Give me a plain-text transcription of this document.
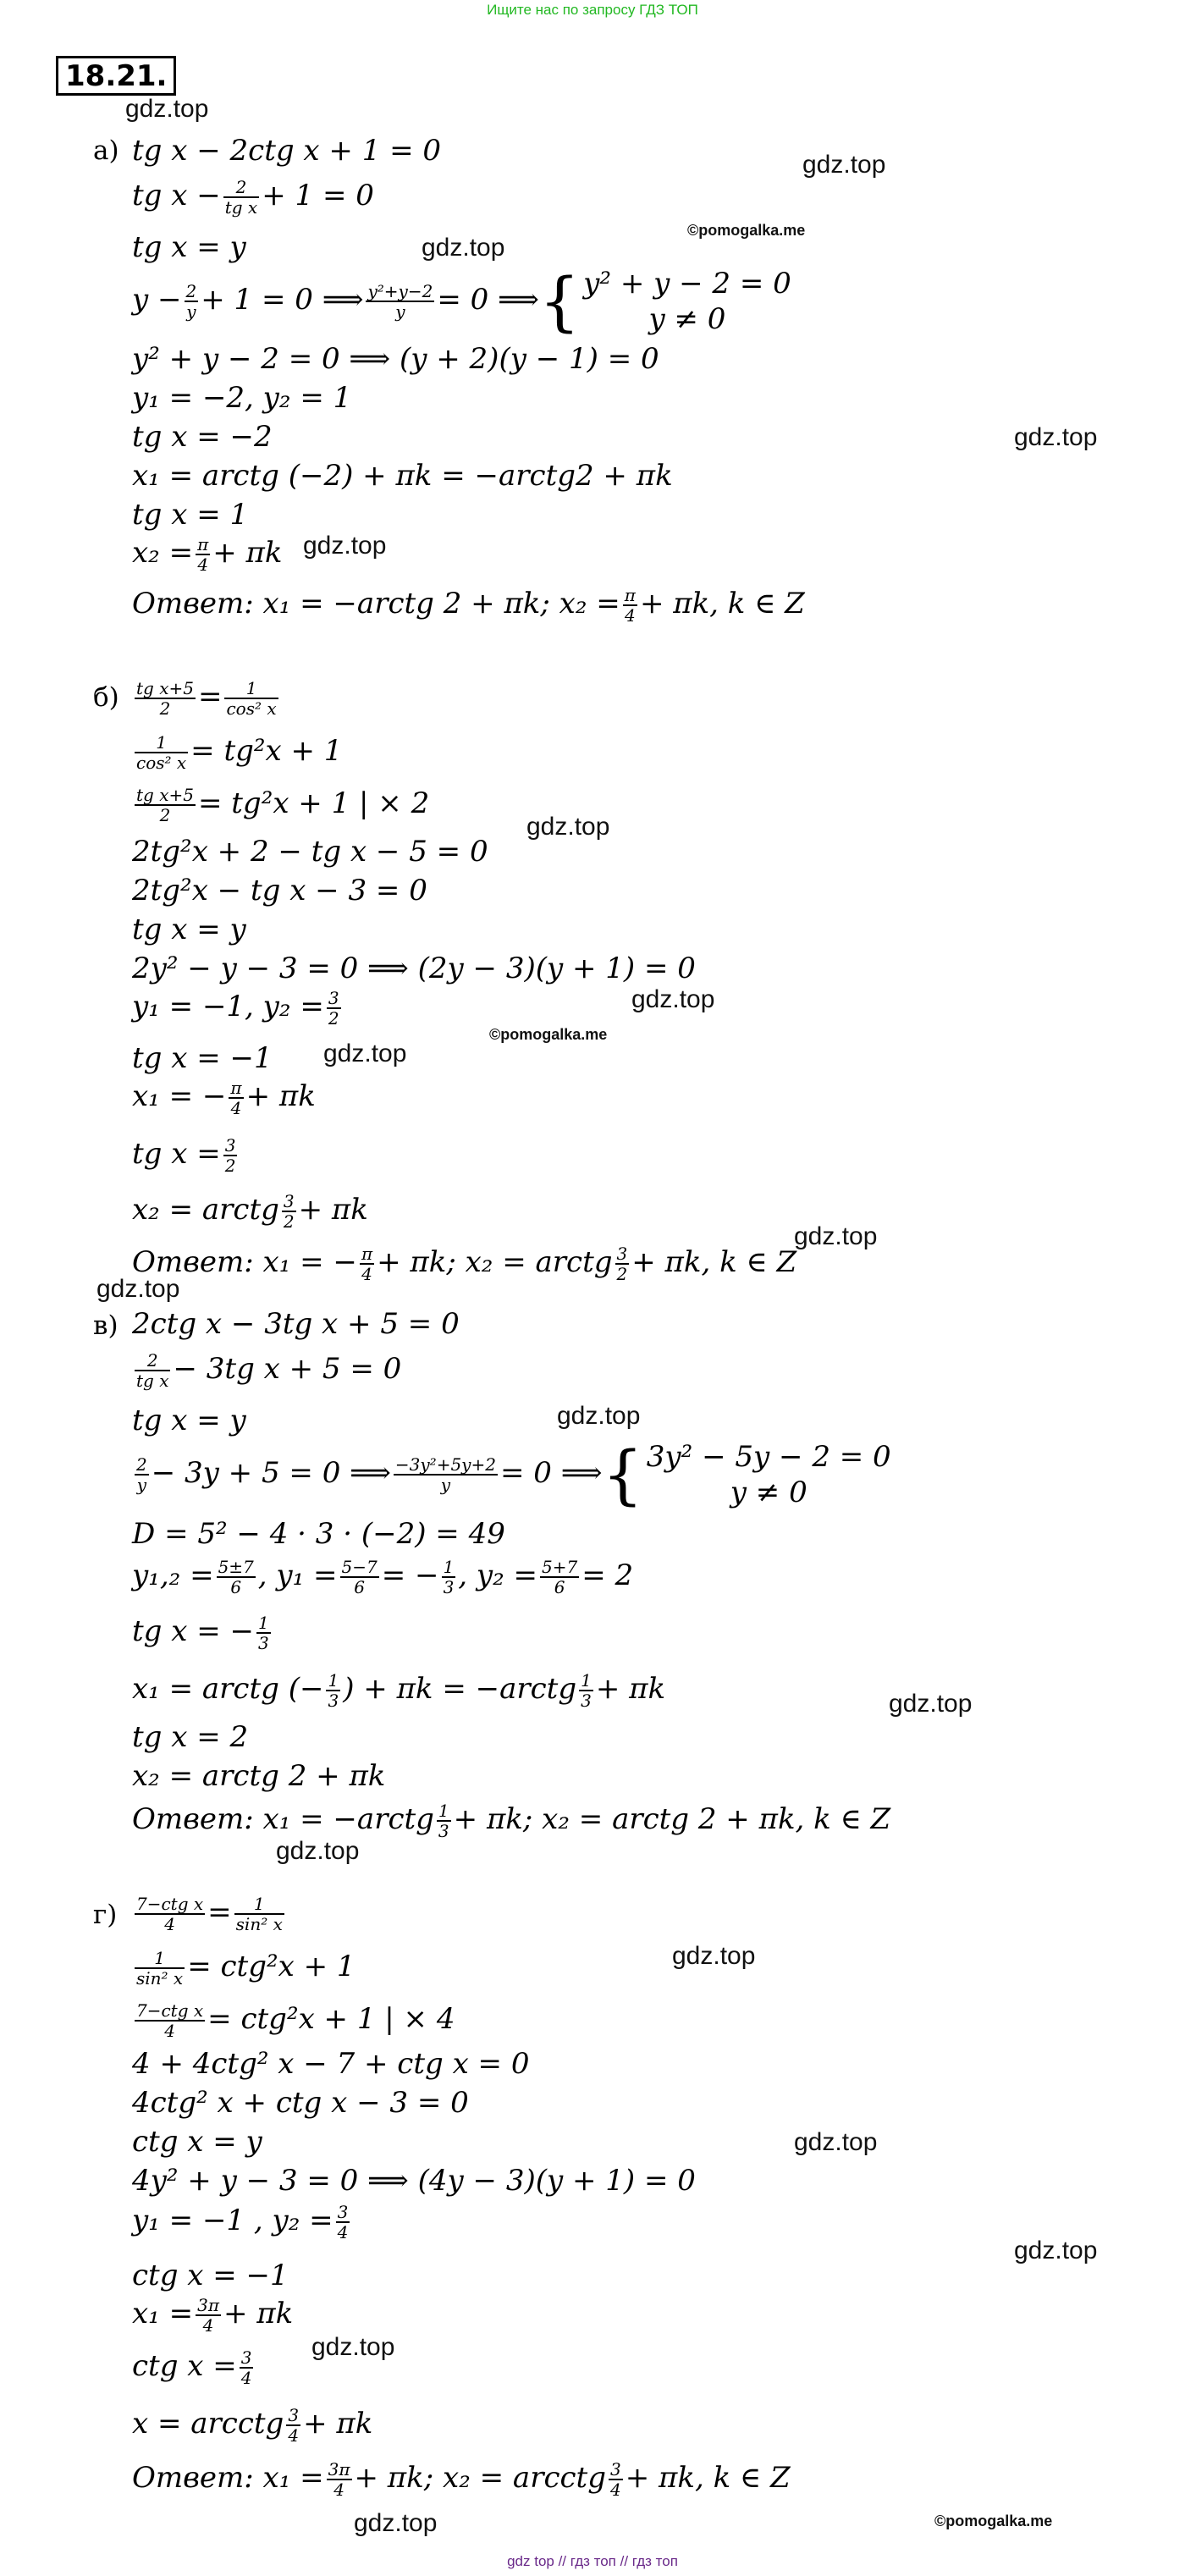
Ищите нас по запросу ГДЗ ТОП
18.21.
gdz.top
gdz.top
gdz.top
gdz.top
gdz.top
gdz.top
gdz.top
gdz.top
gdz.top
gdz.top
gdz.top
gdz.top
gdz.top
gdz.top
gdz.top
gdz.top
gdz.top
gdz.top
©pomogalka.me
©pomogalka.me
©pomogalka.me
а)
б)
в)
г)
tg x − 2ctg x + 1 = 0
tg $x - \frac{2}{\text{tg x}} + 1 = 0$
tg x = y
$y - \frac{2}{y} + 1 = 0$ ⟹ $\frac{\text{y²+y−2}}{y} = 0$ ⟹{ y² + y − 2 = 0
y ≠ 0
y² + y − 2 = 0 ⟹ (y + 2)(y − 1) = 0
y₁ = −2, y₂ = 1
tg x = −2
x₁ = arctg (−2) + πk = −arctg2 + πk
tg x = 1
$x_2 = \frac{\pi}{4} + \pi k$
Ответ: x₁ = −arctg 2 + πk; $x_2 = \frac{\pi}{4} + \pi k$, k ∈ Z
$\frac{\text{tg x+5}}{2} = \frac{1}{\text{cos² x}}$
$\frac{1}{\text{cos² x}} = tg^2x + 1$
$\frac{\text{tg x+5}}{2} = tg^2x + 1$ | × 2
2tg²x + 2 − tg x − 5 = 0
2tg²x − tg x − 3 = 0
tg x = y
2y² − y − 3 = 0 ⟹ (2y − 3)(y + 1) = 0
y₁ = −1, $y_2 = \frac{3}{2}$
tg x = −1
x₁ = − $\frac{\pi}{4} + \pi k$
tg $x = \frac{3}{2}$
x₂ = arctg $\frac{3}{2} + \pi k$
Ответ: x₁ = − $\frac{\pi}{4} + \pi k$; x₂ = arctg $\frac{3}{2} + \pi k$, k ∈ Z
2ctg x − 3tg x + 5 = 0
$\frac{2}{\text{tg x}} - 3tg$ x + 5 = 0
tg x = y
$\frac{2}{y} - 3y + 5 = 0$ ⟹ $\frac{\text{−3y²+5y+2}}{y} = 0$ ⟹{ 3y² − 5y − 2 = 0
y ≠ 0
D = 5² − 4 · 3 · (−2) = 49
$y_1,_2 = \frac{5\pm 7}{6}$ , $y_1 = \frac{5-7}{6}$ = − $\frac{1}{3}$ , $y_2 = \frac{5+7}{6} = 2$
tg x = − $\frac{1}{3}$
x₁ = arctg (− $\frac{1}{3}$ ) + πk = −arctg $\frac{1}{3} + \pi k$
tg x = 2
x₂ = arctg 2 + πk
Ответ: x₁ = −arctg $\frac{1}{3} + \pi k$; x₂ = arctg 2 + πk, k ∈ Z
$\frac{\text{7−ctg x}}{4} = \frac{1}{\text{sin² x}}$
$\frac{1}{\text{sin² x}} = ctg^2x + 1$
$\frac{\text{7−ctg x}}{4} = ctg^2x + 1$ | × 4
4 + 4ctg² x − 7 + ctg x = 0
4ctg² x + ctg x − 3 = 0
ctg x = y
4y² + y − 3 = 0 ⟹ (4y − 3)(y + 1) = 0
y₁ = −1 , $y_2 = \frac{3}{4}$
ctg x = −1
$x_1 = \frac{3\pi}{4} + \pi k$
ctg $x = \frac{3}{4}$
x = arcctg $\frac{3}{4} + \pi k$
Ответ: $x_1 = \frac{3\pi}{4} + \pi k$; x₂ = arcctg $\frac{3}{4} + \pi k$, k ∈ Z
gdz top // гдз топ // гдз топ
